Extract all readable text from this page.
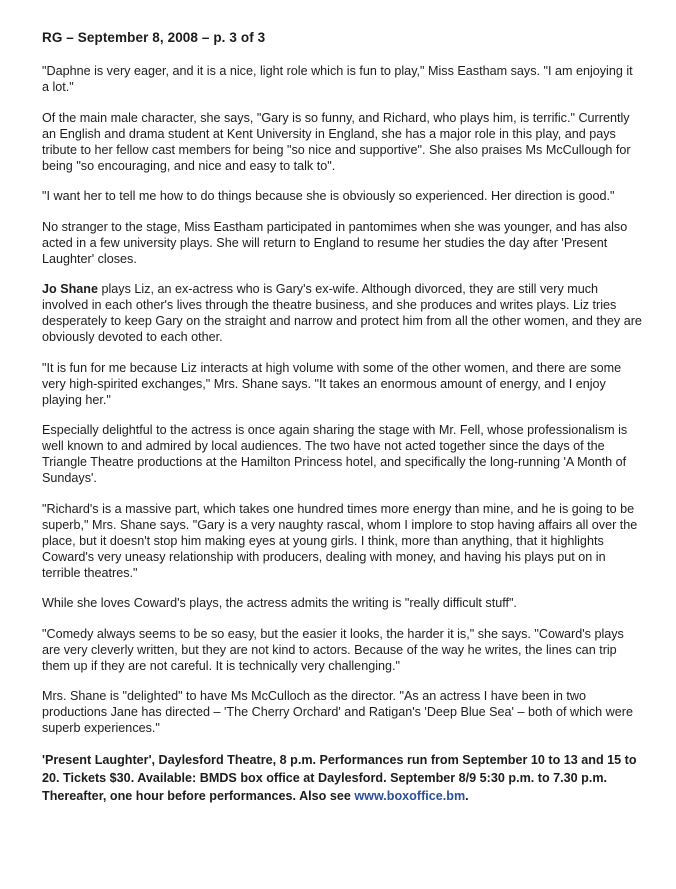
RG – September 8, 2008 – p. 3 of 3

"Daphne is very eager, and it is a nice, light role which is fun to play," Miss Eastham says. "I am enjoying it a lot."

Of the main male character, she says, "Gary is so funny, and Richard, who plays him, is terrific." Currently an English and drama student at Kent University in England, she has a major role in this play, and pays tribute to her fellow cast members for being "so nice and supportive". She also praises Ms McCullough for being "so encouraging, and nice and easy to talk to".

"I want her to tell me how to do things because she is obviously so experienced. Her direction is good."

No stranger to the stage, Miss Eastham participated in pantomimes when she was younger, and has also acted in a few university plays. She will return to England to resume her studies the day after 'Present Laughter' closes.

Jo Shane plays Liz, an ex-actress who is Gary's ex-wife. Although divorced, they are still very much involved in each other's lives through the theatre business, and she produces and writes plays. Liz tries desperately to keep Gary on the straight and narrow and protect him from all the other women, and they are obviously devoted to each other.

"It is fun for me because Liz interacts at high volume with some of the other women, and there are some very high-spirited exchanges," Mrs. Shane says. "It takes an enormous amount of energy, and I enjoy playing her."

Especially delightful to the actress is once again sharing the stage with Mr. Fell, whose professionalism is well known to and admired by local audiences. The two have not acted together since the days of the Triangle Theatre productions at the Hamilton Princess hotel, and specifically the long-running 'A Month of Sundays'.

"Richard's is a massive part, which takes one hundred times more energy than mine, and he is going to be superb," Mrs. Shane says. "Gary is a very naughty rascal, whom I implore to stop having affairs all over the place, but it doesn't stop him making eyes at young girls. I think, more than anything, that it highlights Coward's very uneasy relationship with producers, dealing with money, and having his plays put on in terrible theatres."

While she loves Coward's plays, the actress admits the writing is "really difficult stuff".

"Comedy always seems to be so easy, but the easier it looks, the harder it is," she says. "Coward's plays are very cleverly written, but they are not kind to actors. Because of the way he writes, the lines can trip them up if they are not careful. It is technically very challenging."

Mrs. Shane is "delighted" to have Ms McCulloch as the director. "As an actress I have been in two productions Jane has directed – 'The Cherry Orchard' and Ratigan's 'Deep Blue Sea' – both of which were superb experiences."

'Present Laughter', Daylesford Theatre, 8 p.m. Performances run from September 10 to 13 and 15 to 20. Tickets $30. Available: BMDS box office at Daylesford. September 8/9 5:30 p.m. to 7.30 p.m. Thereafter, one hour before performances. Also see www.boxoffice.bm.
